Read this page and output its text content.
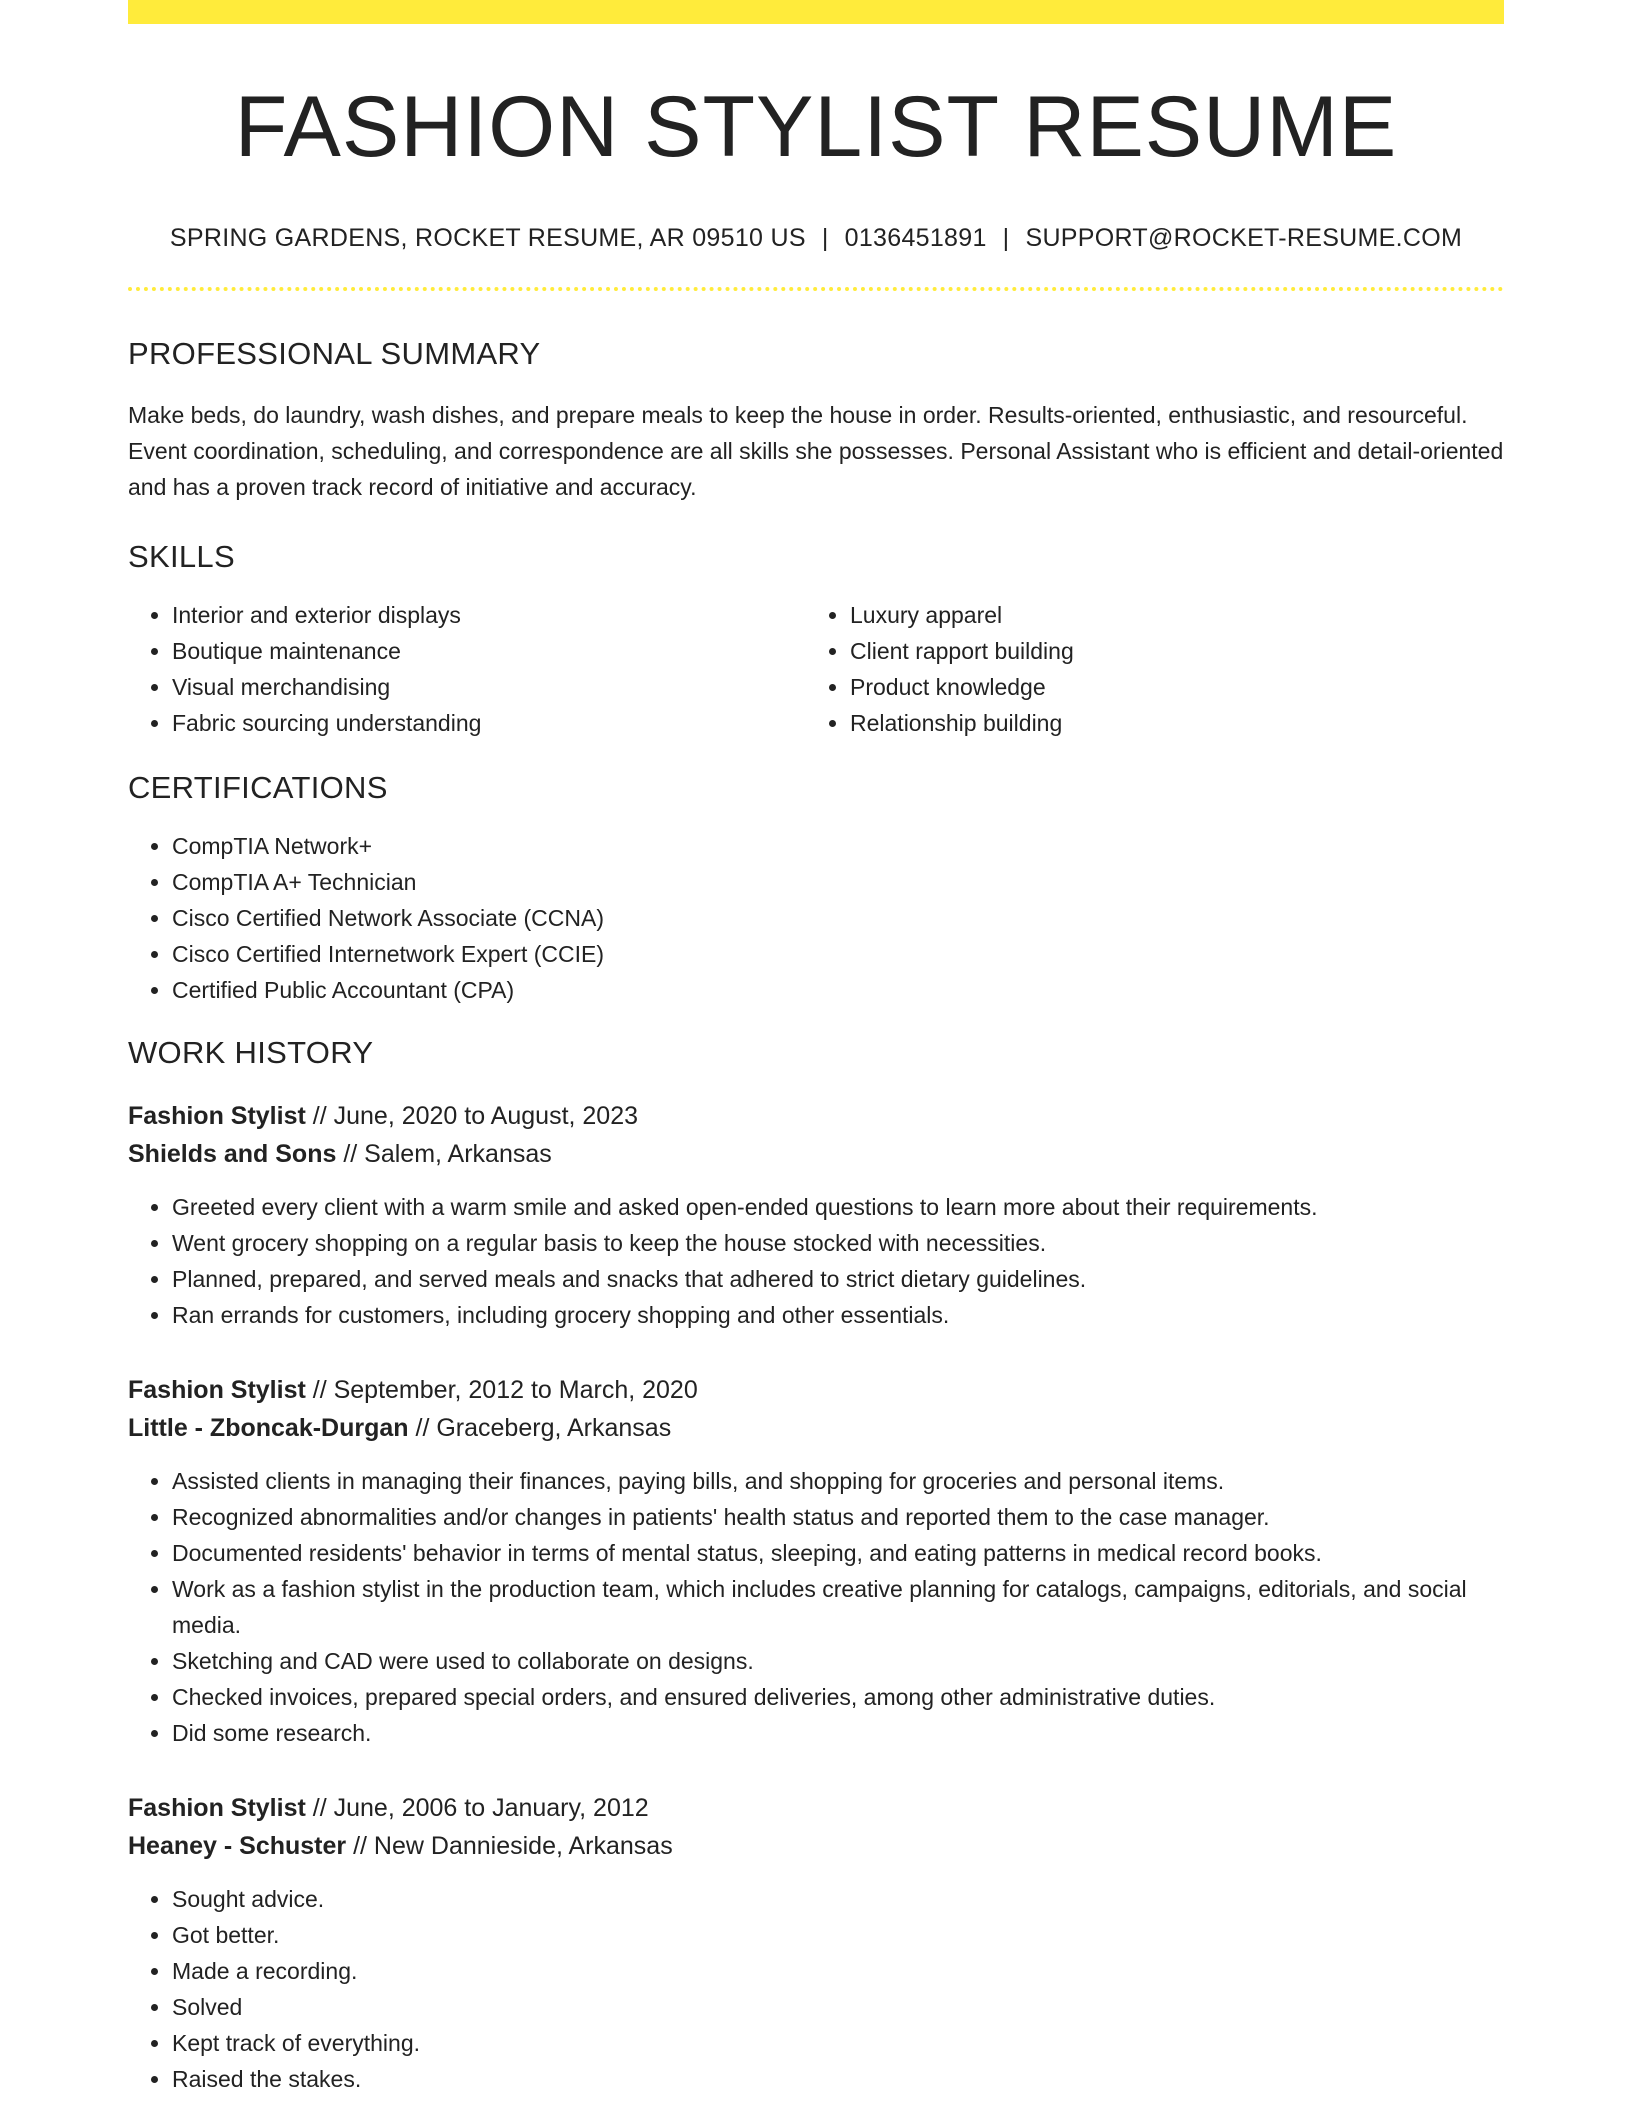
FASHION STYLIST RESUME
SPRING GARDENS, ROCKET RESUME, AR 09510 US | 0136451891 | SUPPORT@ROCKET-RESUME.COM
PROFESSIONAL SUMMARY

Make beds, do laundry, wash dishes, and prepare meals to keep the house in order. Results-oriented, enthusiastic, and resourceful. Event coordination, scheduling, and correspondence are all skills she possesses. Personal Assistant who is efficient and detail-oriented and has a proven track record of initiative and accuracy.

SKILLS
• Interior and exterior displays
• Boutique maintenance
• Visual merchandising
• Fabric sourcing understanding
• Luxury apparel
• Client rapport building
• Product knowledge
• Relationship building
CERTIFICATIONS
• CompTIA Network+
• CompTIA A+ Technician
• Cisco Certified Network Associate (CCNA)
• Cisco Certified Internetwork Expert (CCIE)
• Certified Public Accountant (CPA)
WORK HISTORY
Fashion Stylist // June, 2020 to August, 2023
Shields and Sons // Salem, Arkansas
• Greeted every client with a warm smile and asked open-ended questions to learn more about their requirements.
• Went grocery shopping on a regular basis to keep the house stocked with necessities.
• Planned, prepared, and served meals and snacks that adhered to strict dietary guidelines.
• Ran errands for customers, including grocery shopping and other essentials.
Fashion Stylist // September, 2012 to March, 2020
Little - Zboncak-Durgan // Graceberg, Arkansas
• Assisted clients in managing their finances, paying bills, and shopping for groceries and personal items.
• Recognized abnormalities and/or changes in patients' health status and reported them to the case manager.
• Documented residents' behavior in terms of mental status, sleeping, and eating patterns in medical record books.
• Work as a fashion stylist in the production team, which includes creative planning for catalogs, campaigns, editorials, and social media.
• Sketching and CAD were used to collaborate on designs.
• Checked invoices, prepared special orders, and ensured deliveries, among other administrative duties.
• Did some research.
Fashion Stylist // June, 2006 to January, 2012
Heaney - Schuster // New Dannieside, Arkansas
• Sought advice.
• Got better.
• Made a recording.
• Solved
• Kept track of everything.
• Raised the stakes.
